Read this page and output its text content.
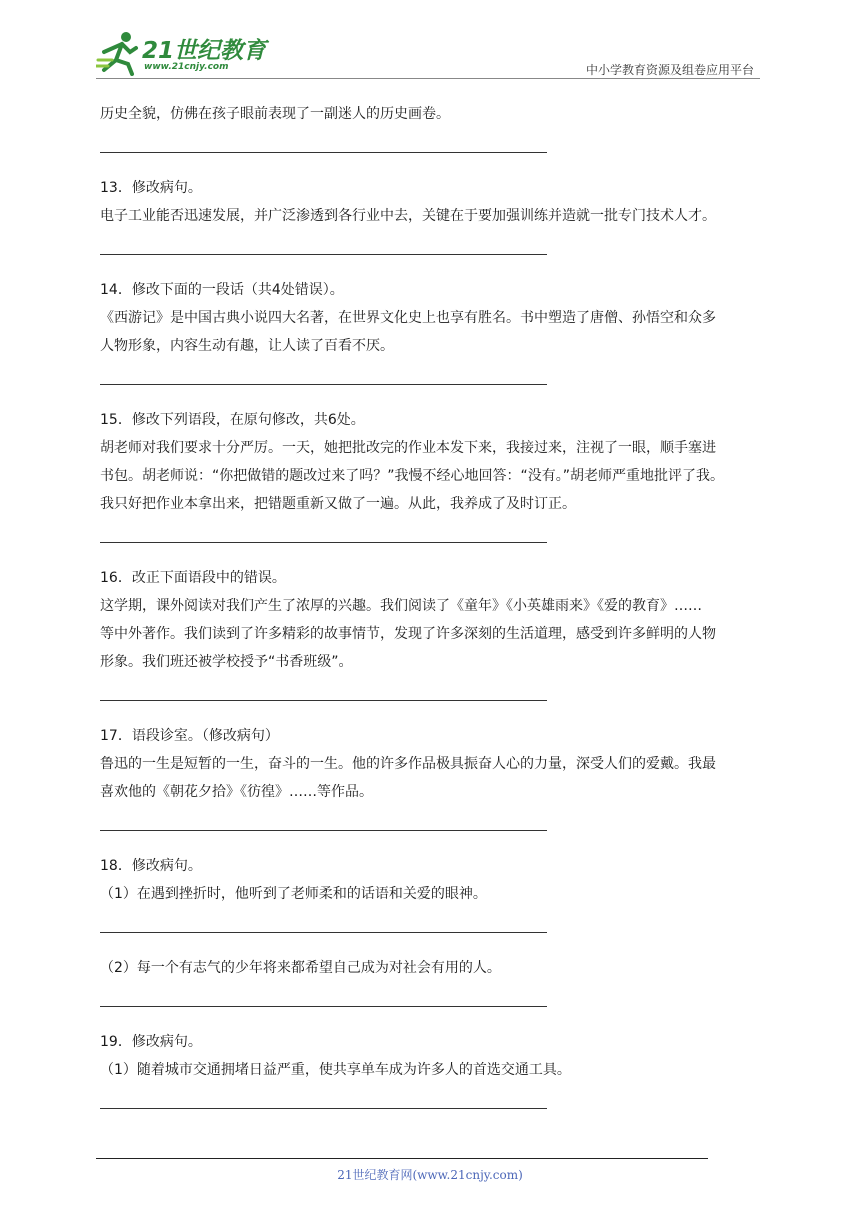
21世纪教育
www.21cnjy.com	中小学教育资源及组卷应用平台

历史全貌，仿佛在孩子眼前表现了一副迷人的历史画卷。

13．修改病句。

电子工业能否迅速发展，并广泛渗透到各行业中去，关键在于要加强训练并造就一批专门技术人才。

14．修改下面的一段话（共4处错误）。

《西游记》是中国古典小说四大名著，在世界文化史上也享有胜名。书中塑造了唐僧、孙悟空和众多

人物形象，内容生动有趣，让人读了百看不厌。

15．修改下列语段，在原句修改，共6处。

胡老师对我们要求十分严厉。一天，她把批改完的作业本发下来，我接过来，注视了一眼，顺手塞进

书包。胡老师说：“你把做错的题改过来了吗？”我慢不经心地回答：“没有。”胡老师严重地批评了我。

我只好把作业本拿出来，把错题重新又做了一遍。从此，我养成了及时订正。

16．改正下面语段中的错误。

这学期，课外阅读对我们产生了浓厚的兴趣。我们阅读了《童年》《小英雄雨来》《爱的教育》……

等中外著作。我们读到了许多精彩的故事情节，发现了许多深刻的生活道理，感受到许多鲜明的人物

形象。我们班还被学校授予“书香班级”。

17．语段诊室。（修改病句）

鲁迅的一生是短暂的一生，奋斗的一生。他的许多作品极具振奋人心的力量，深受人们的爱戴。我最

喜欢他的《朝花夕拾》《彷徨》……等作品。

18．修改病句。

（1）在遇到挫折时，他听到了老师柔和的话语和关爱的眼神。

（2）每一个有志气的少年将来都希望自己成为对社会有用的人。

19．修改病句。

（1）随着城市交通拥堵日益严重，使共享单车成为许多人的首选交通工具。

21世纪教育网(www.21cnjy.com)
